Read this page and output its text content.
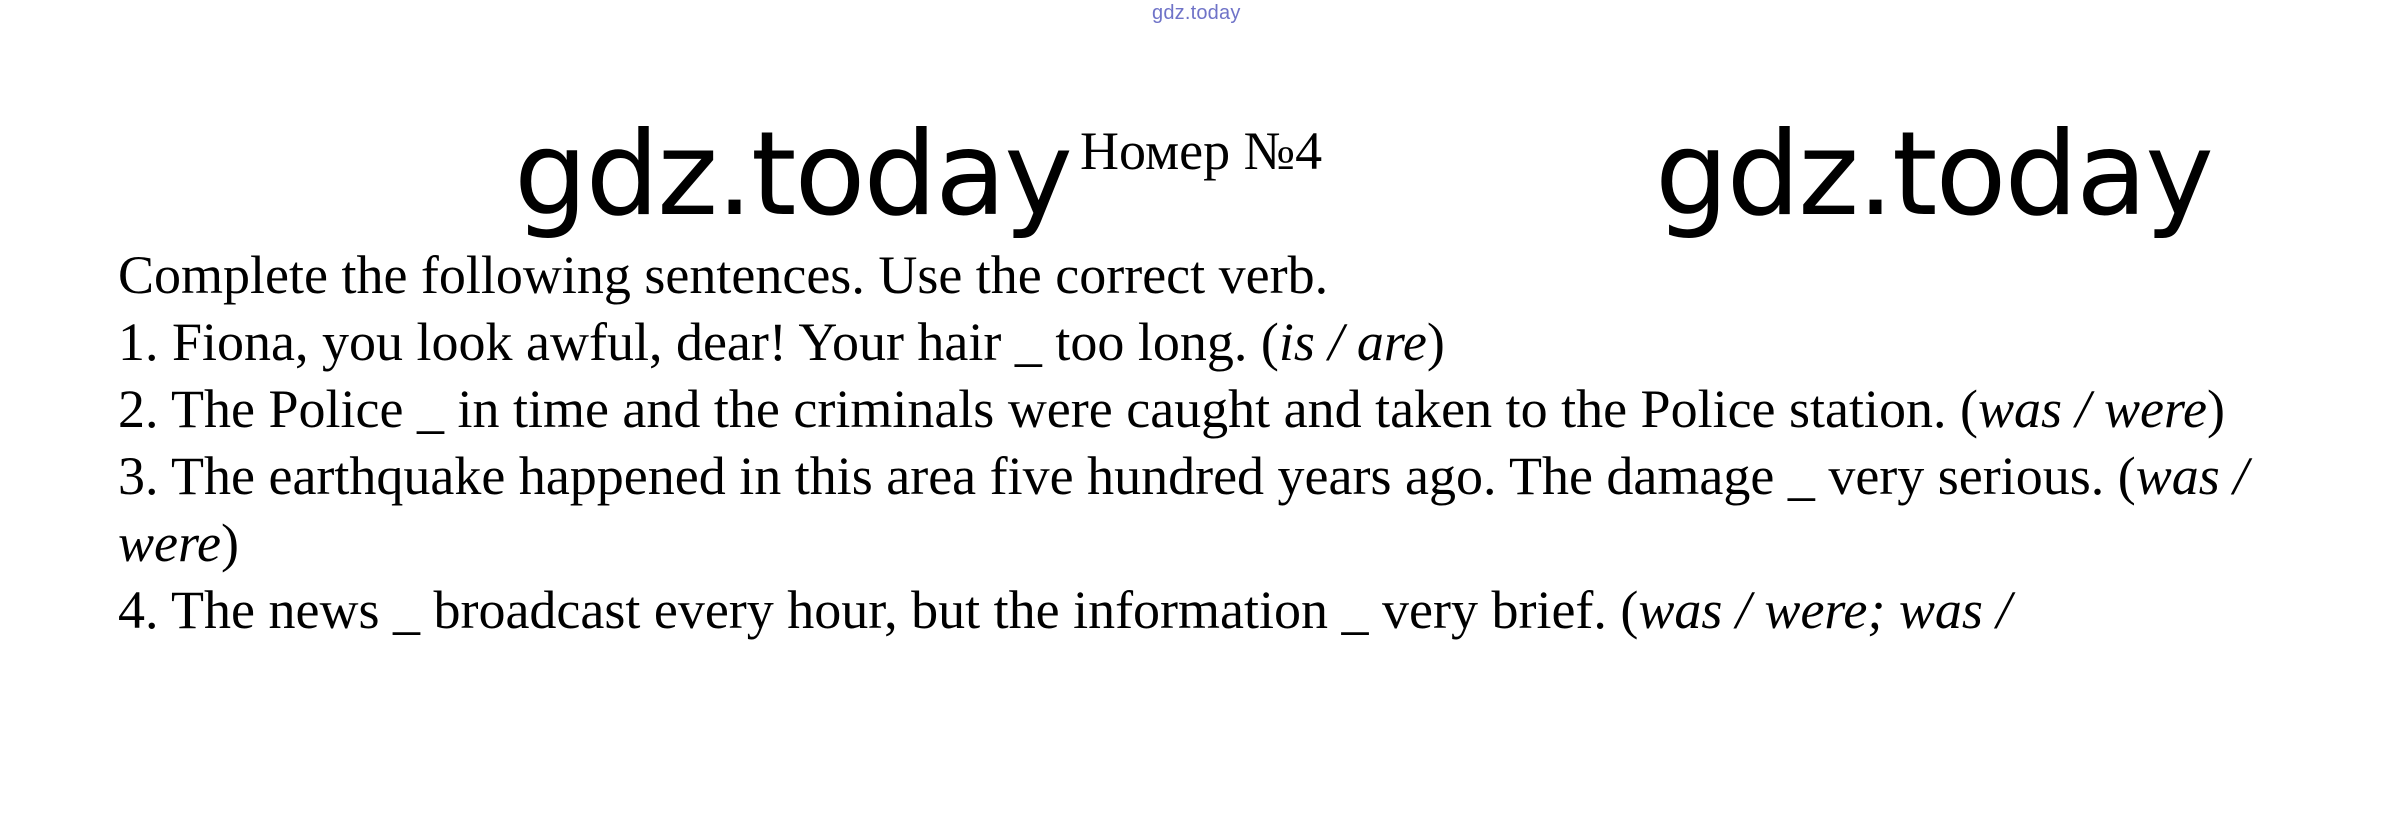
gdz.today
gdz.today Номер №4	gdz.today

Complete the following sentences. Use the correct verb.

1. Fiona, you look awful, dear! Your hair _ too long. (is / are)

2. The Police _ in time and the criminals were caught and taken to the Police station. (was / were)

3. The earthquake happened in this area five hundred years ago. The damage _ very serious. (was / were)

4. The news _ broadcast every hour, but the information _ very brief. (was / were; was /
